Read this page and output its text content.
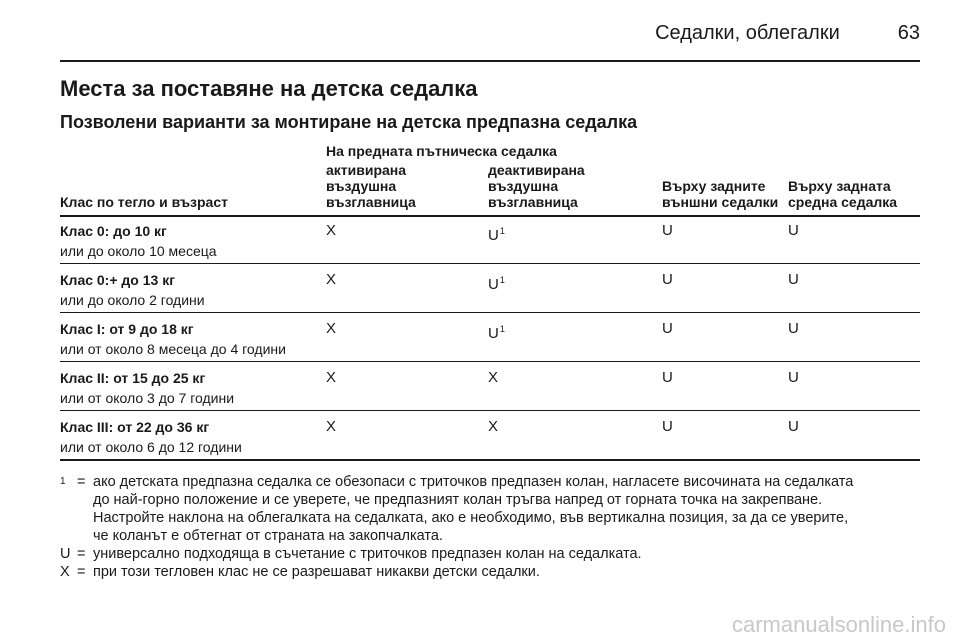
Седалки, облегалки	63
Места за поставяне на детска седалка
Позволени варианти за монтиране на детска предпазна седалка
На предната пътническа седалка
Клас по тегло и възраст
активирана
въздушна
възглавница
деактивирана
въздушна
възглавница
Върху задните
външни седалки
Върху задната
средна седалка
Клас 0: до 10 кг
или до около 10 месеца
X	$U^1$	U	U
Клас 0:+ до 13 кг
или до около 2 години
X	$U^1$	U	U
Клас I: от 9 до 18 кг
или от около 8 месеца до 4 години
X	$U^1$	U	U
Клас II: от 15 до 25 кг
или от около 3 до 7 години
X	X	U	U
Клас III: от 22 до 36 кг
или от около 6 до 12 години
X	X	U	U
$^1$ = ако детската предпазна седалка се обезопаси с триточков предпазен колан, нагласете височината на седалката
до най-горно положение и се уверете, че предпазният колан тръгва напред от горната точка на закрепване.
Настройте наклона на облегалката на седалката, ако е необходимо, във вертикална позиция, за да се уверите,
че коланът е обтегнат от страната на закопчалката.
U = универсално подходяща в съчетание с триточков предпазен колан на седалката.
X = при този тегловен клас не се разрешават никакви детски седалки.
carmanualsonline.info
